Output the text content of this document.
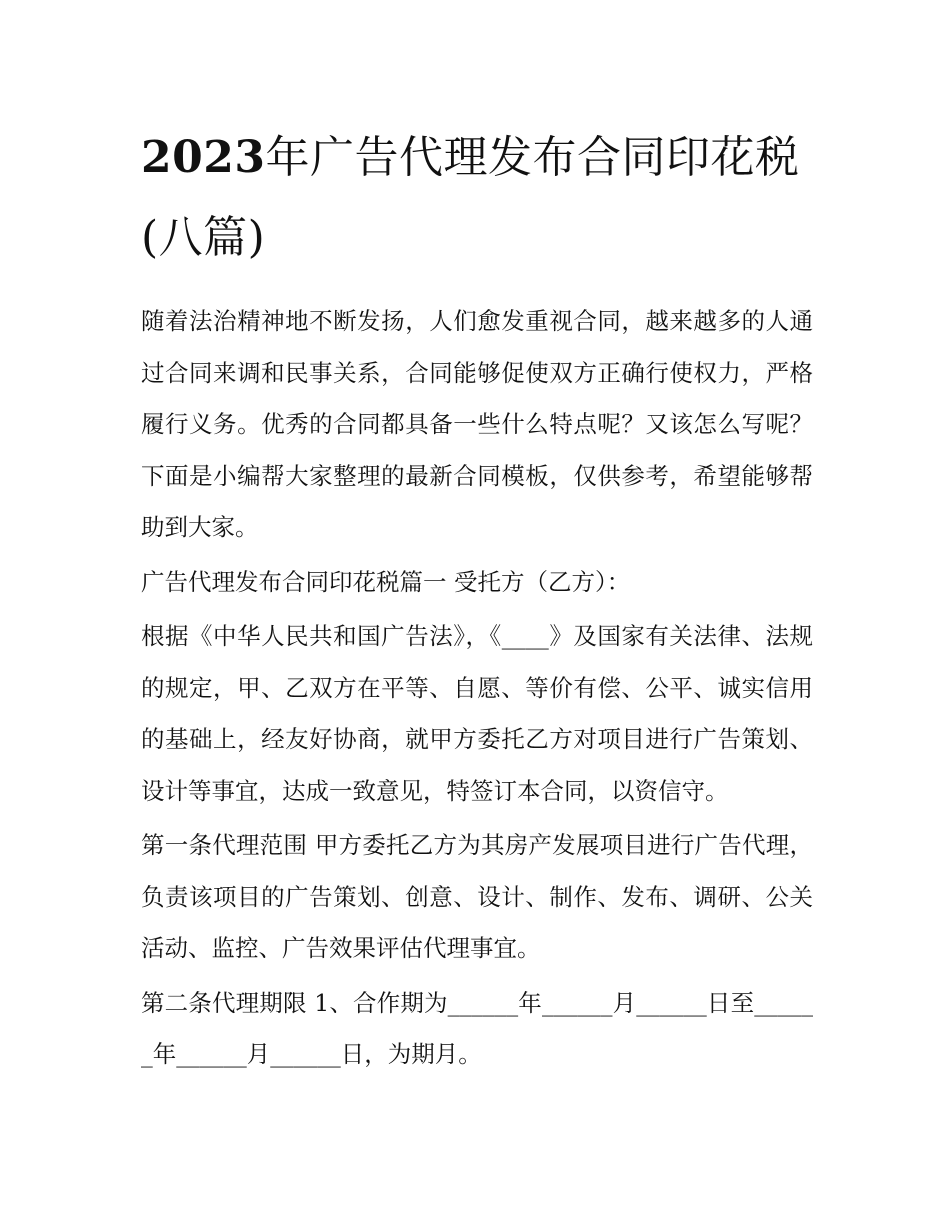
2023年广告代理发布合同印花税(八篇)

随着法治精神地不断发扬，人们愈发重视合同，越来越多的人通过合同来调和民事关系，合同能够促使双方正确行使权力，严格履行义务。优秀的合同都具备一些什么特点呢？又该怎么写呢？下面是小编帮大家整理的最新合同模板，仅供参考，希望能够帮助到大家。

广告代理发布合同印花税篇一 受托方（乙方）：

根据《中华人民共和国广告法》，《____》及国家有关法律、法规的规定，甲、乙双方在平等、自愿、等价有偿、公平、诚实信用的基础上，经友好协商，就甲方委托乙方对项目进行广告策划、设计等事宜，达成一致意见，特签订本合同，以资信守。

第一条代理范围 甲方委托乙方为其房产发展项目进行广告代理，负责该项目的广告策划、创意、设计、制作、发布、调研、公关活动、监控、广告效果评估代理事宜。

第二条代理期限 1、合作期为______年______月______日至______年______月______日，为期月。
